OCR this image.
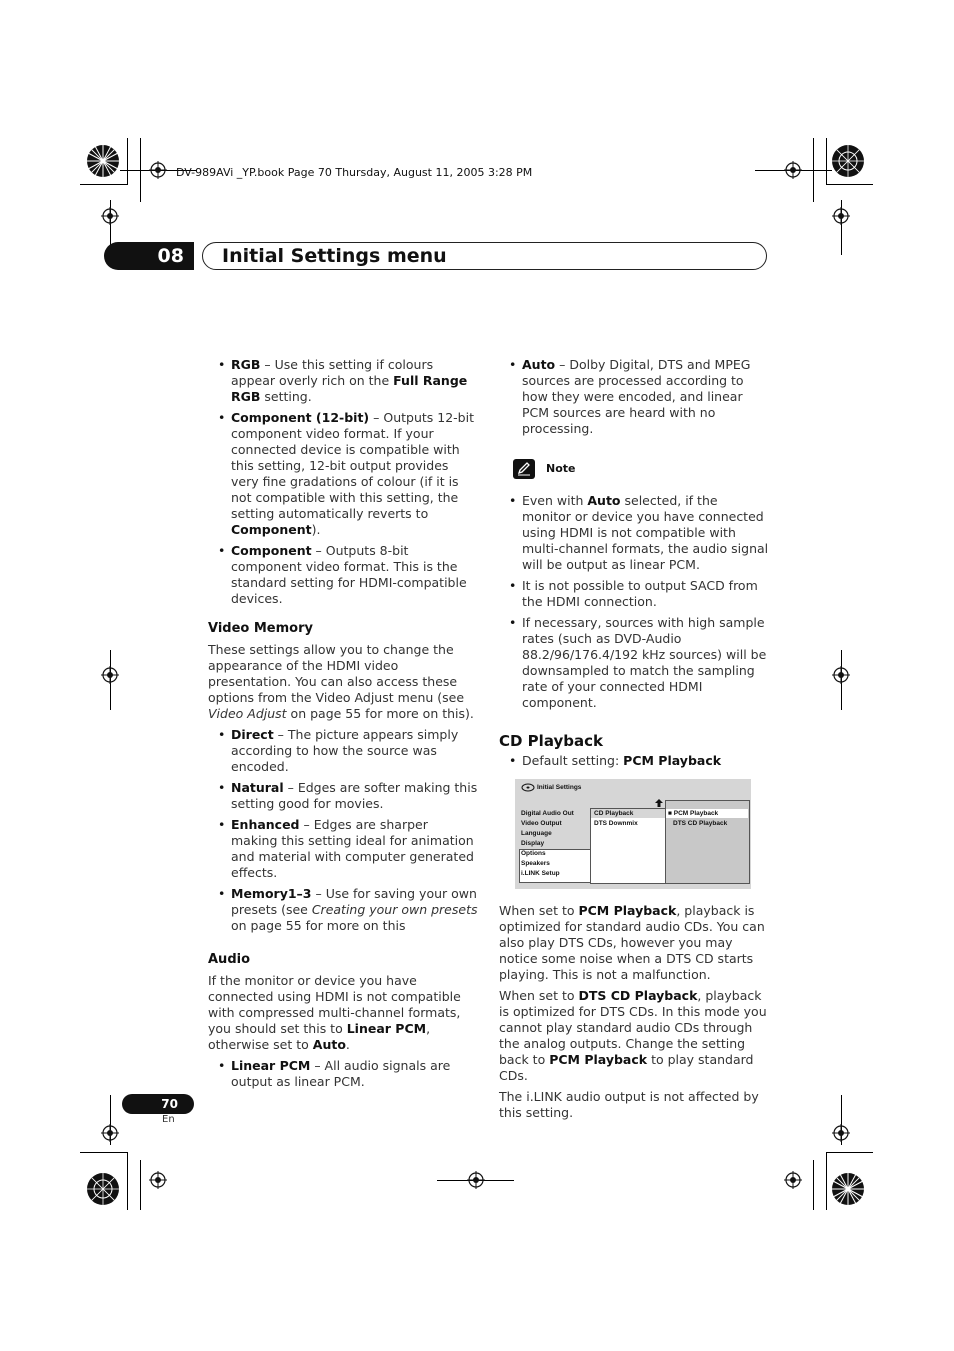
DV-989AVi _YP.book Page 70 Thursday, August 11, 2005 3:28 PM
08	Initial Settings menu
• RGB – Use this setting if colours appear overly rich on the Full Range RGB setting.
• Component (12-bit) – Outputs 12-bit component video format. If your connected device is compatible with this setting, 12-bit output provides very fine gradations of colour (if it is not compatible with this setting, the setting automatically reverts to Component).
• Component – Outputs 8-bit component video format. This is the standard setting for HDMI-compatible devices.
Video Memory

These settings allow you to change the appearance of the HDMI video presentation. You can also access these options from the Video Adjust menu (see Video Adjust on page 55 for more on this).

• Direct – The picture appears simply according to how the source was encoded.
• Natural – Edges are softer making this setting good for movies.
• Enhanced – Edges are sharper making this setting ideal for animation and material with computer generated effects.
• Memory1–3 – Use for saving your own presets (see Creating your own presets on page 55 for more on this
Audio

If the monitor or device you have connected using HDMI is not compatible with compressed multi-channel formats, you should set this to Linear PCM, otherwise set to Auto.

• Linear PCM – All audio signals are output as linear PCM.
• Auto – Dolby Digital, DTS and MPEG sources are processed according to how they were encoded, and linear PCM sources are heard with no processing.
Note
• Even with Auto selected, if the monitor or device you have connected using HDMI is not compatible with multi-channel formats, the audio signal will be output as linear PCM.
• It is not possible to output SACD from the HDMI connection.
• If necessary, sources with high sample rates (such as DVD-Audio 88.2/96/176.4/192 kHz sources) will be downsampled to match the sampling rate of your connected HDMI component.
CD Playback
• Default setting: PCM Playback
Initial Settings
Digital Audio Out
Video Output
Language
Display
Options
Speakers
i.LINK Setup
CD Playback
DTS Downmix
■ PCM Playback
DTS CD Playback

When set to PCM Playback, playback is optimized for standard audio CDs. You can also play DTS CDs, however you may notice some noise when a DTS CD starts playing. This is not a malfunction.

When set to DTS CD Playback, playback is optimized for DTS CDs. In this mode you cannot play standard audio CDs through the analog outputs. Change the setting back to PCM Playback to play standard CDs.

The i.LINK audio output is not affected by this setting.

70
En
